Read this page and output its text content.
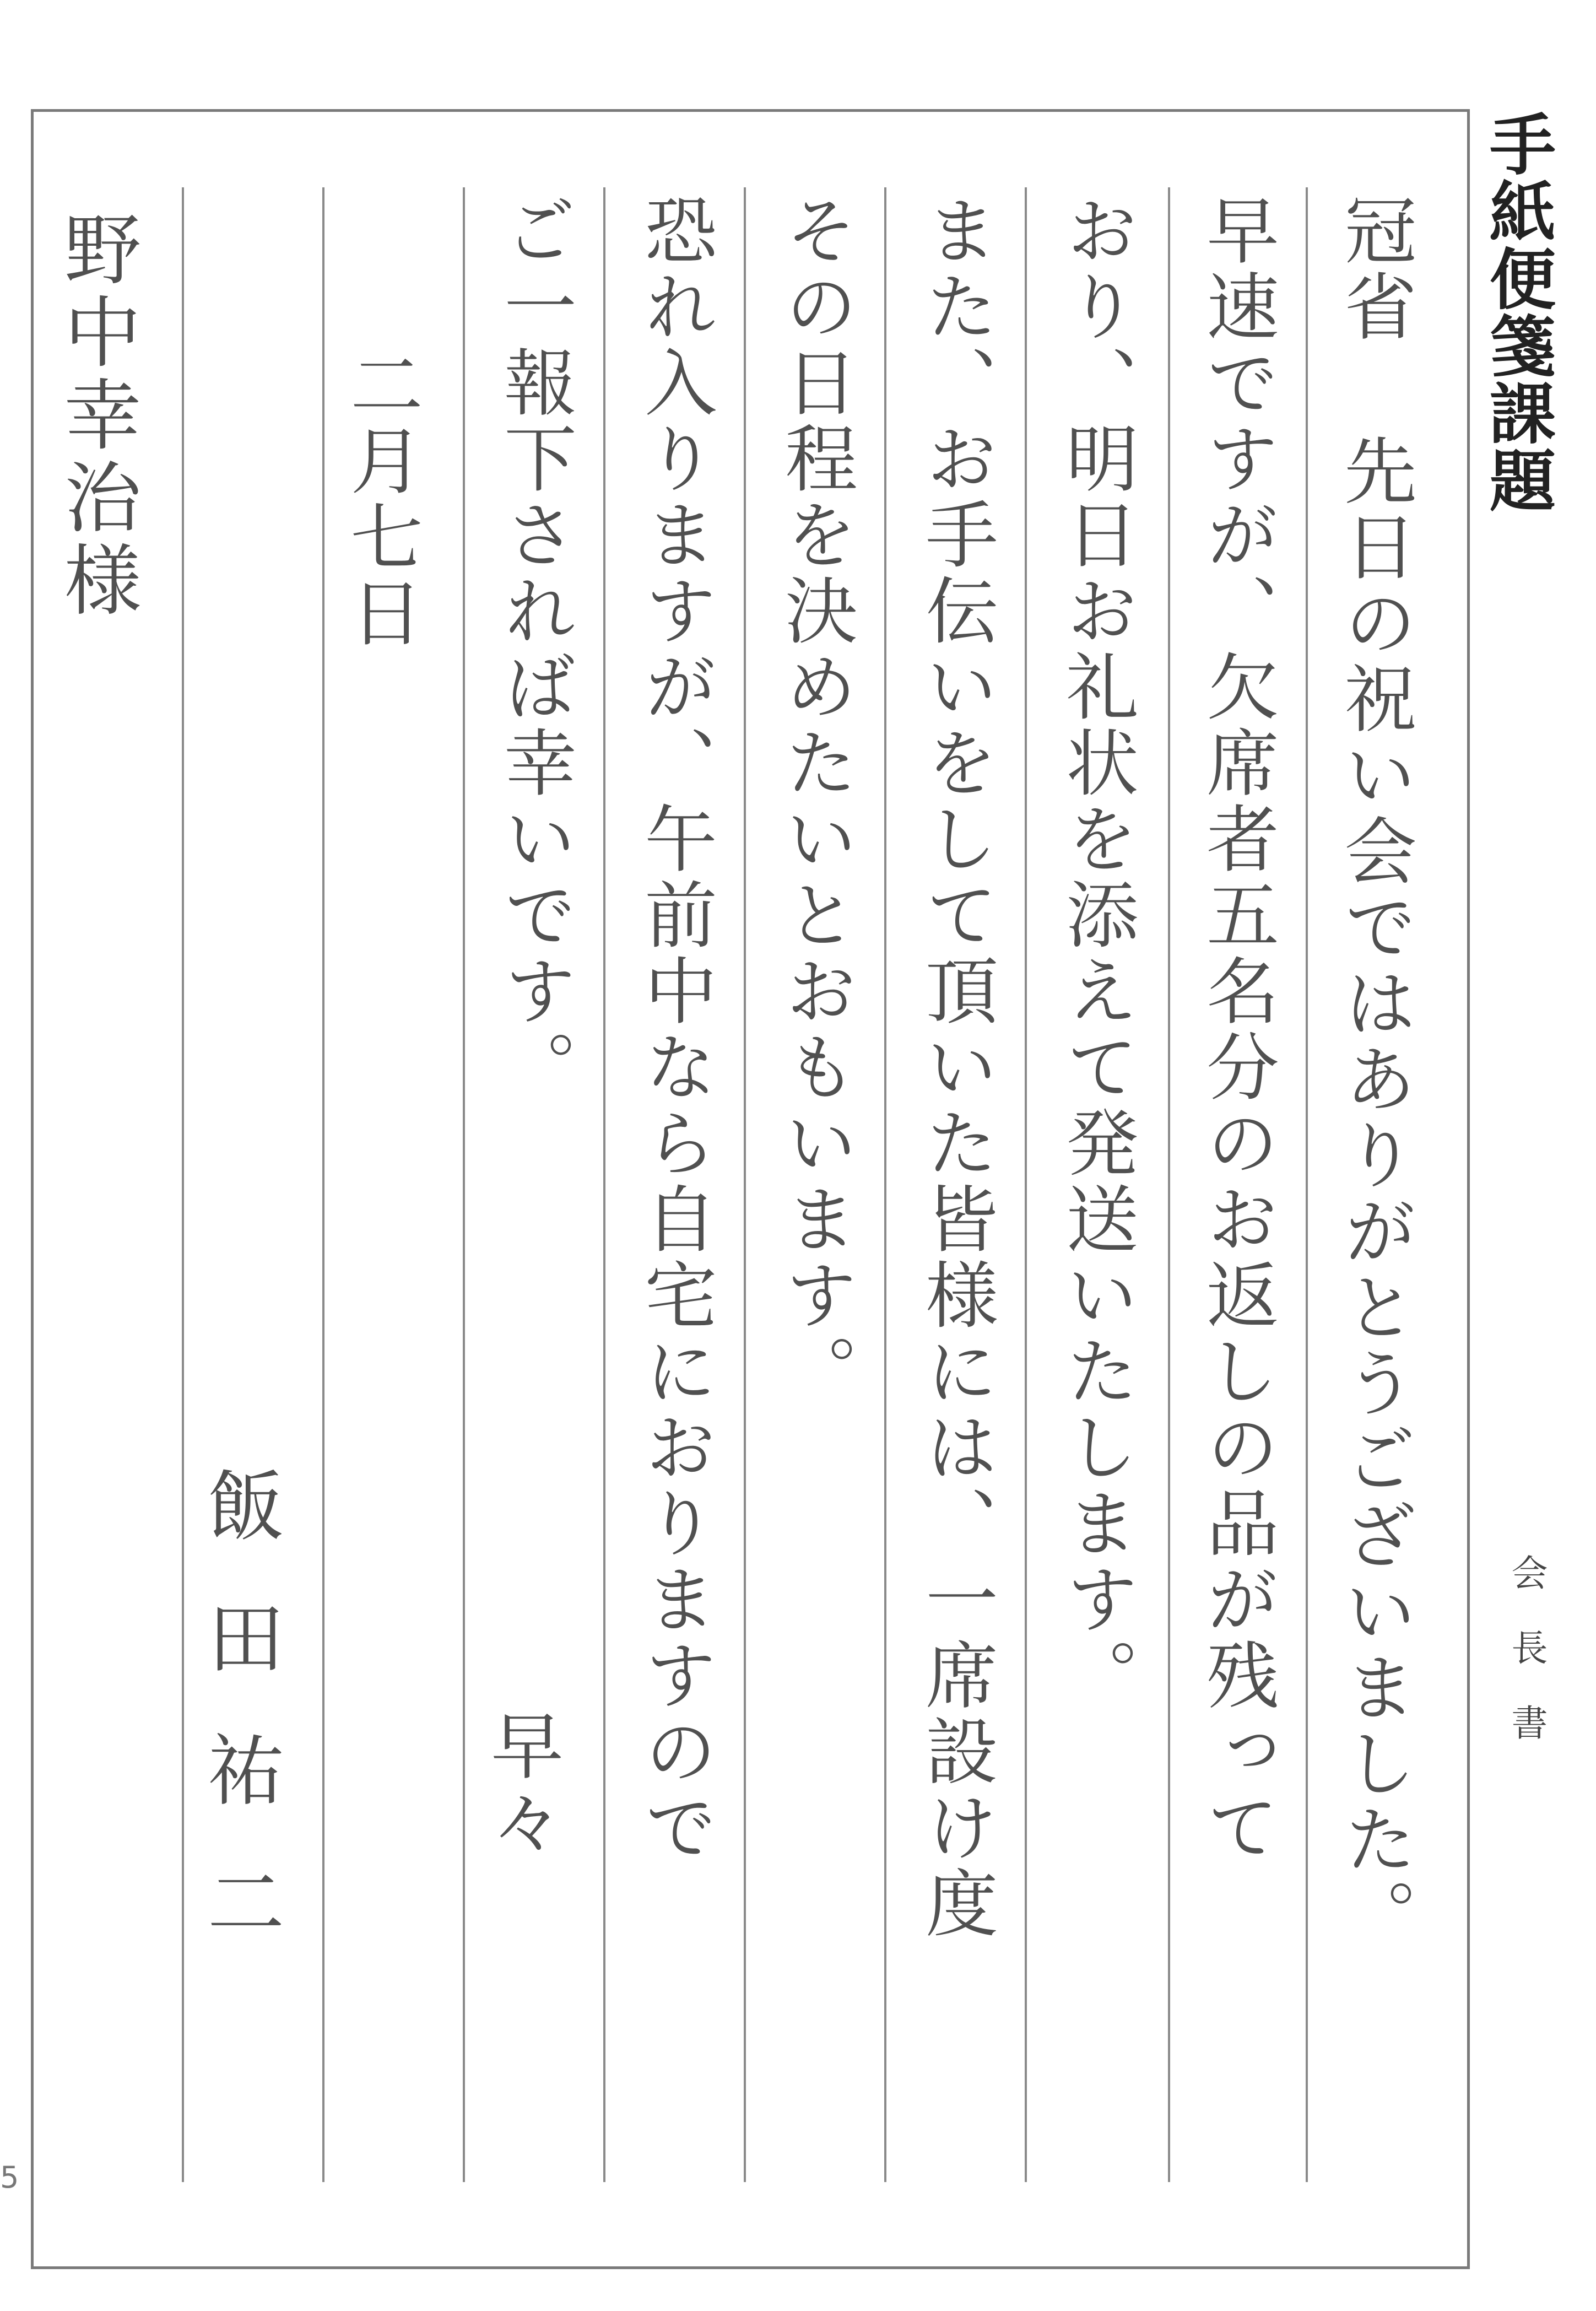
冠省 先日の祝い会ではありがとうございました。
早速ですが、欠席者五名分のお返しの品が残って
おり、明日お礼状を添えて発送いたします。
また、お手伝いをして頂いた皆様には、一席設け度
その日程を決めたいとおもいます。
恐れ入りますが、午前中なら自宅におりますので
ご一報下されば幸いです。
早々
二月七日
飯田祐二
野中幸治様	手紙便箋課題
会長書
5
